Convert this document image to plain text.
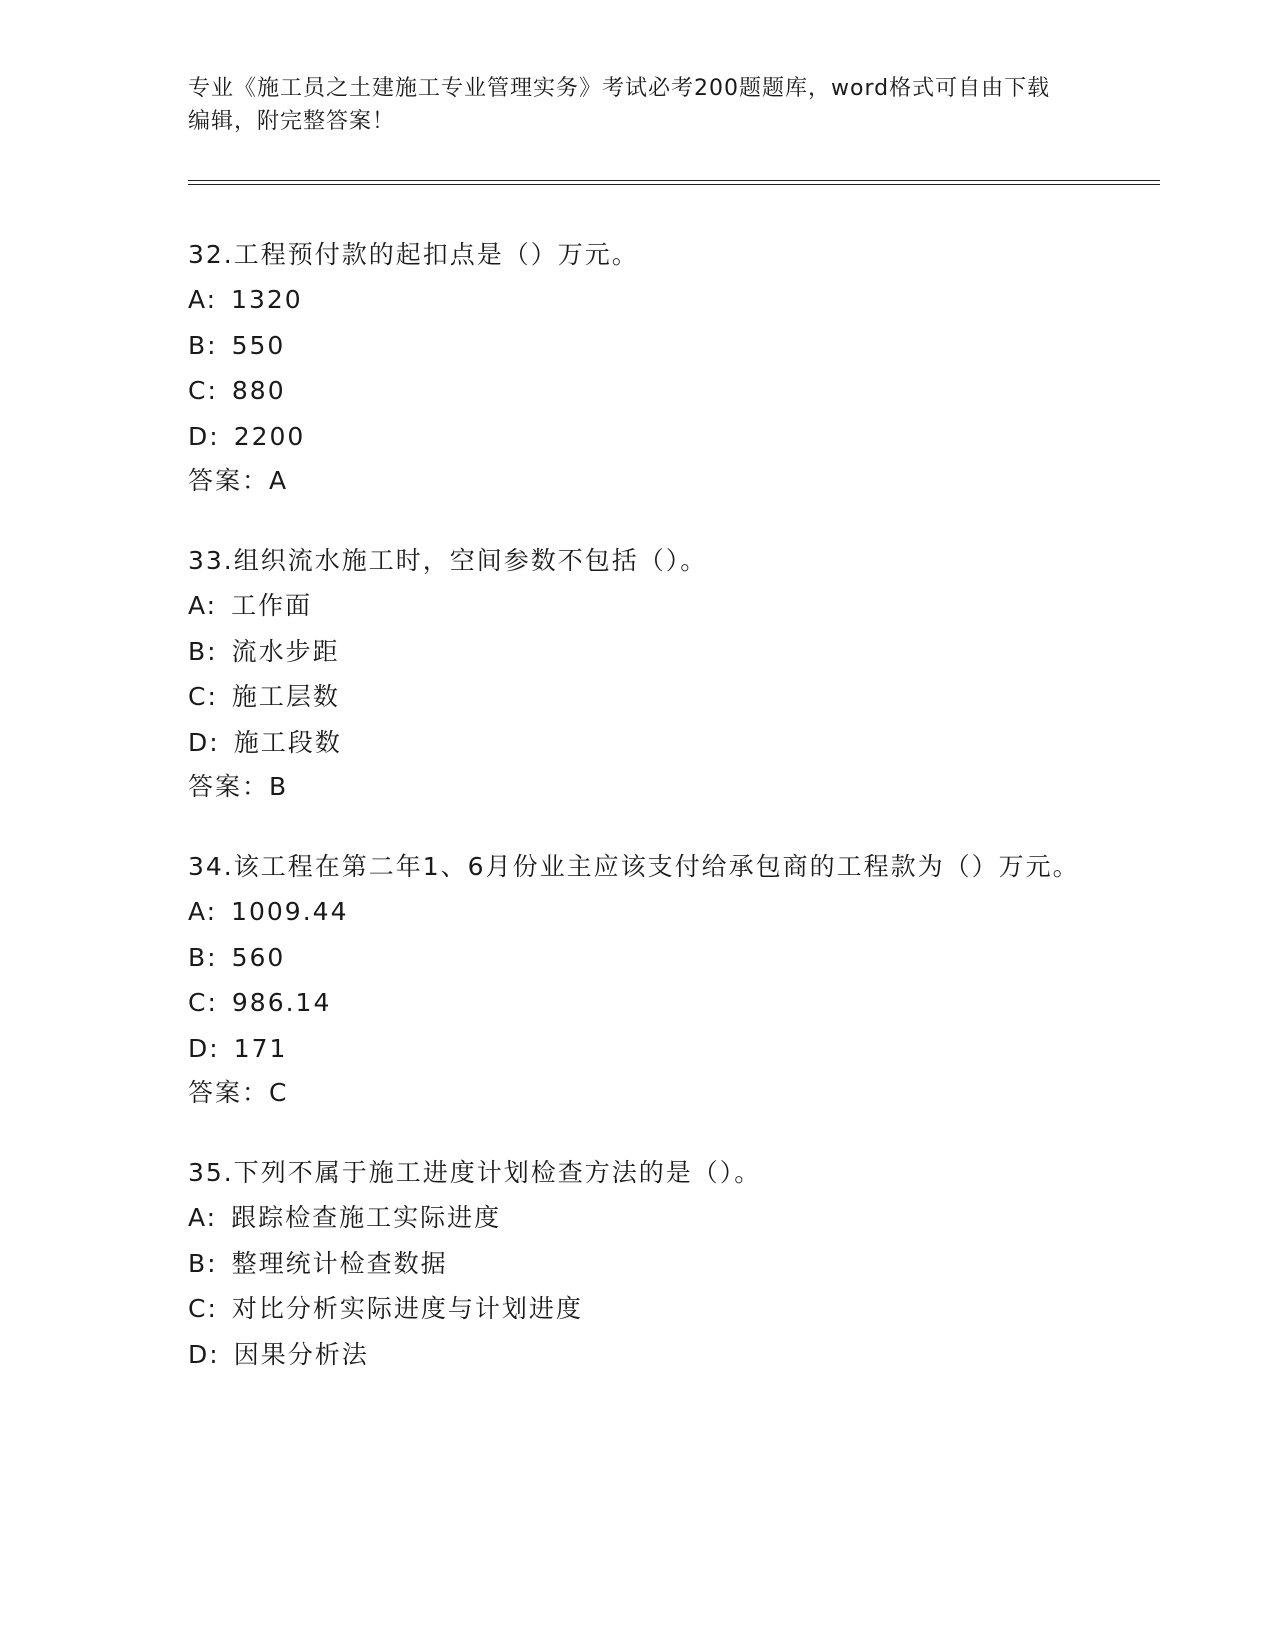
专业《施工员之土建施工专业管理实务》考试必考200题题库，word格式可自由下载编辑，附完整答案！
32.工程预付款的起扣点是（）万元。
A: 1320
B: 550
C: 880
D: 2200
答案：A
33.组织流水施工时，空间参数不包括（）。
A: 工作面
B: 流水步距
C: 施工层数
D: 施工段数
答案：B
34.该工程在第二年1、6月份业主应该支付给承包商的工程款为（）万元。
A: 1009.44
B: 560
C: 986.14
D: 171
答案：C
35.下列不属于施工进度计划检查方法的是（）。
A: 跟踪检查施工实际进度
B: 整理统计检查数据
C: 对比分析实际进度与计划进度
D: 因果分析法
